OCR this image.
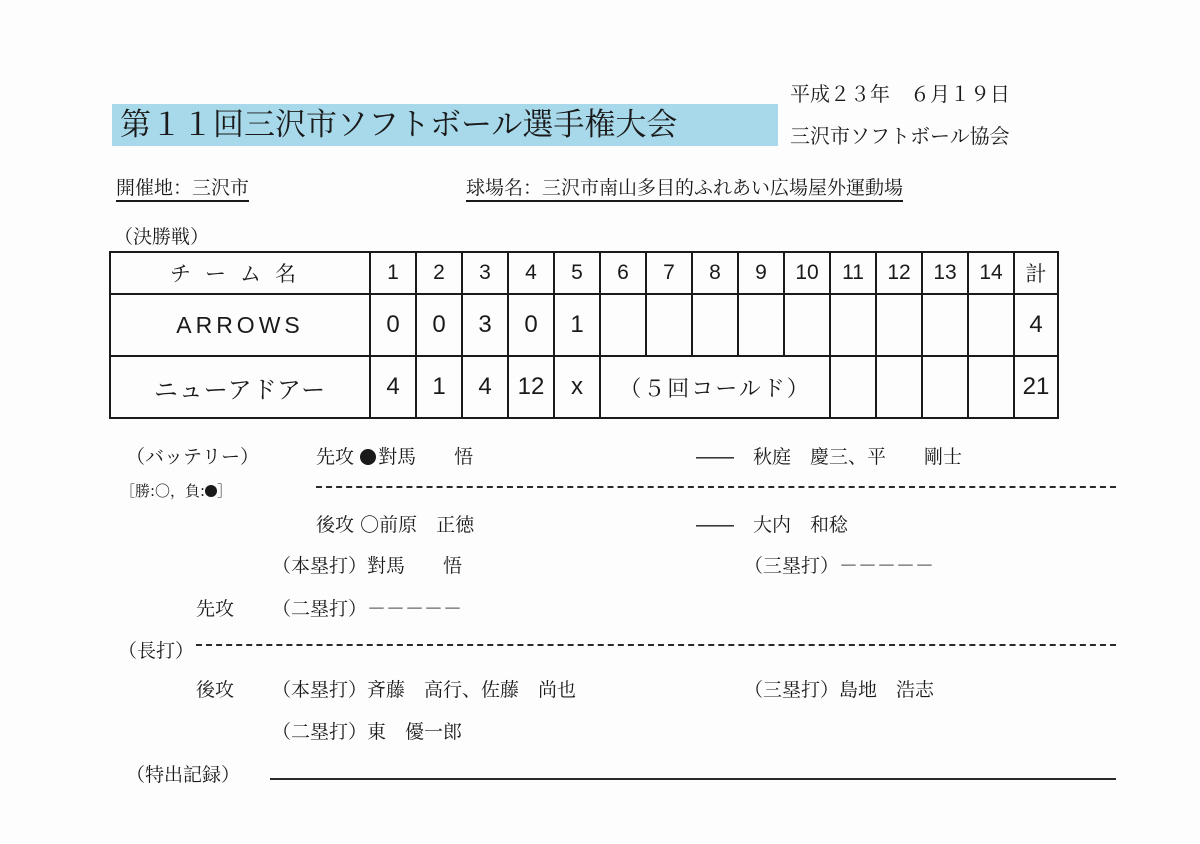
平成２３年　６月１９日
第１１回三沢市ソフトボール選手権大会	三沢市ソフトボール協会
開催地：三沢市	球場名：三沢市南山多目的ふれあい広場屋外運動場
（決勝戦）
チーム名	1	2	3	4	5	6	7	8	9	10	11	12	13	14	計
ARROWS	0	0	3	0	1										4
ニューアドアー	4	1	4	12	x	（５回コールド）									21
（バッテリー）
［勝:〇，負: ］
先攻 對馬　　悟	――　秋庭　慶三、平　　剛士
後攻 〇前原　正徳	――　大内　和稔
（本塁打）對馬　　悟	（三塁打）－－－－－
先攻 （二塁打）－－－－－
（長打）
後攻 （本塁打）斉藤　高行、佐藤　尚也	（三塁打）島地　浩志
（二塁打）東　優一郎
（特出記録）
